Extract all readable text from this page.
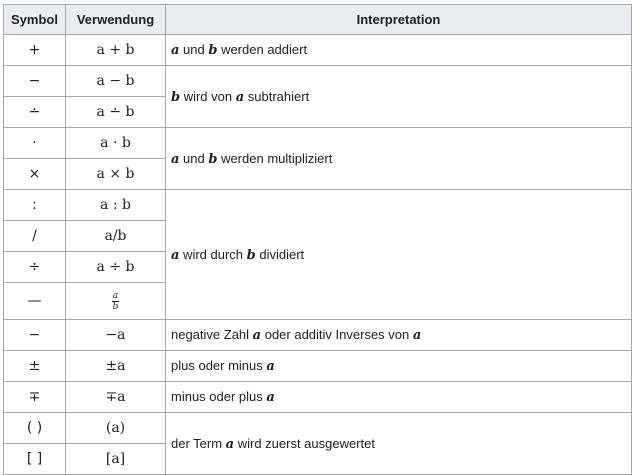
Symbol	Verwendung	Interpretation
+	a + b	a und b werden addiert
−	a − b	b wird von a subtrahiert
∸	a ∸ b	
·	a · b	a und b werden multipliziert
×	a × b	
:	a : b	a wird durch b dividiert
/	a/b	
÷	a ÷ b	
—	$\frac{a}{b}$

−	−a	negative Zahl a oder additiv Inverses von a
±	±a	plus oder minus a
∓	∓a	minus oder plus a
( )	(a)	der Term a wird zuerst ausgewertet
[ ]	[a]	
